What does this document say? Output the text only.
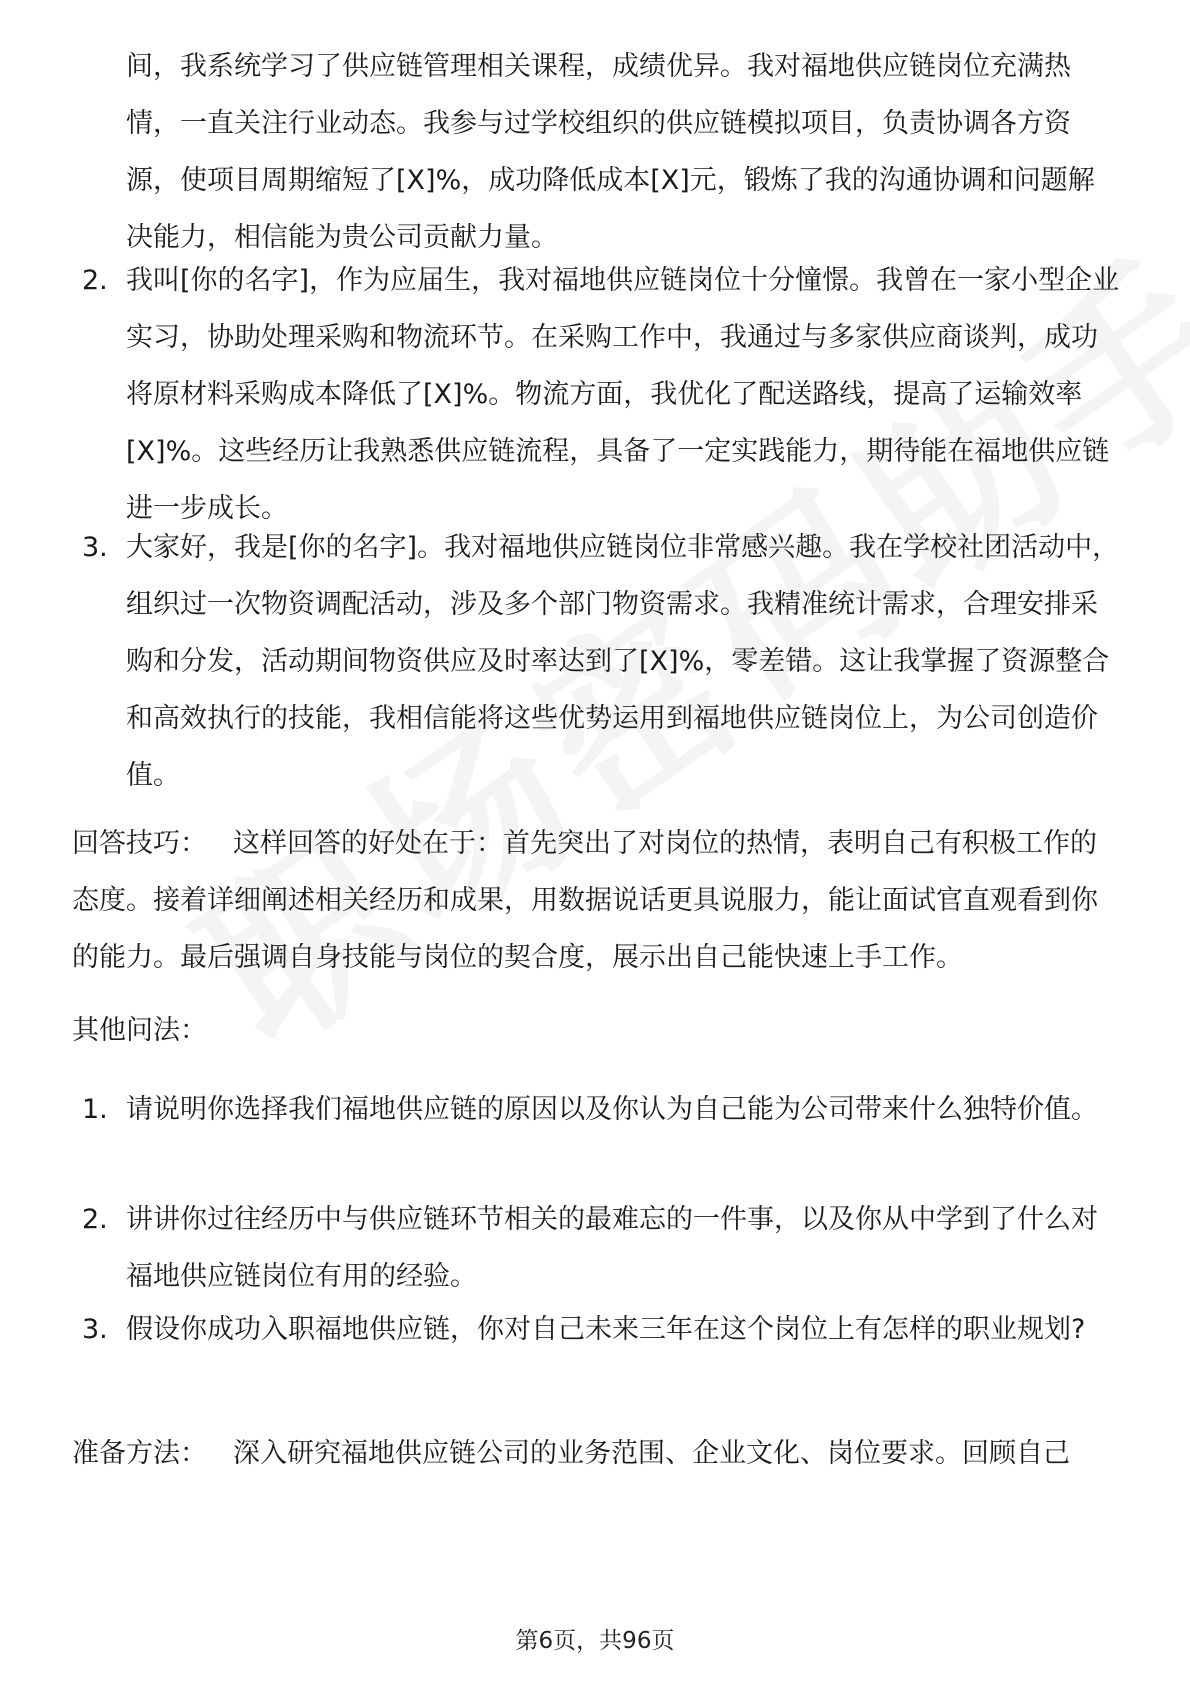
间，我系统学习了供应链管理相关课程，成绩优异。我对福地供应链岗位充满热情，一直关注行业动态。我参与过学校组织的供应链模拟项目，负责协调各方资源，使项目周期缩短了[X]%，成功降低成本[X]元，锻炼了我的沟通协调和问题解决能力，相信能为贵公司贡献力量。

2. 我叫[你的名字]，作为应届生，我对福地供应链岗位十分憧憬。我曾在一家小型企业实习，协助处理采购和物流环节。在采购工作中，我通过与多家供应商谈判，成功将原材料采购成本降低了[X]%。物流方面，我优化了配送路线，提高了运输效率[X]%。这些经历让我熟悉供应链流程，具备了一定实践能力，期待能在福地供应链进一步成长。
3. 大家好，我是[你的名字]。我对福地供应链岗位非常感兴趣。我在学校社团活动中，组织过一次物资调配活动，涉及多个部门物资需求。我精准统计需求，合理安排采购和分发，活动期间物资供应及时率达到了[X]%，零差错。这让我掌握了资源整合和高效执行的技能，我相信能将这些优势运用到福地供应链岗位上，为公司创造价值。

回答技巧： 这样回答的好处在于：首先突出了对岗位的热情，表明自己有积极工作的态度。接着详细阐述相关经历和成果，用数据说话更具说服力，能让面试官直观看到你的能力。最后强调自身技能与岗位的契合度，展示出自己能快速上手工作。

其他问法：

1. 请说明你选择我们福地供应链的原因以及你认为自己能为公司带来什么独特价值。
2. 讲讲你过往经历中与供应链环节相关的最难忘的一件事，以及你从中学到了什么对福地供应链岗位有用的经验。
3. 假设你成功入职福地供应链，你对自己未来三年在这个岗位上有怎样的职业规划?

准备方法： 深入研究福地供应链公司的业务范围、企业文化、岗位要求。回顾自己

第6页，共96页
